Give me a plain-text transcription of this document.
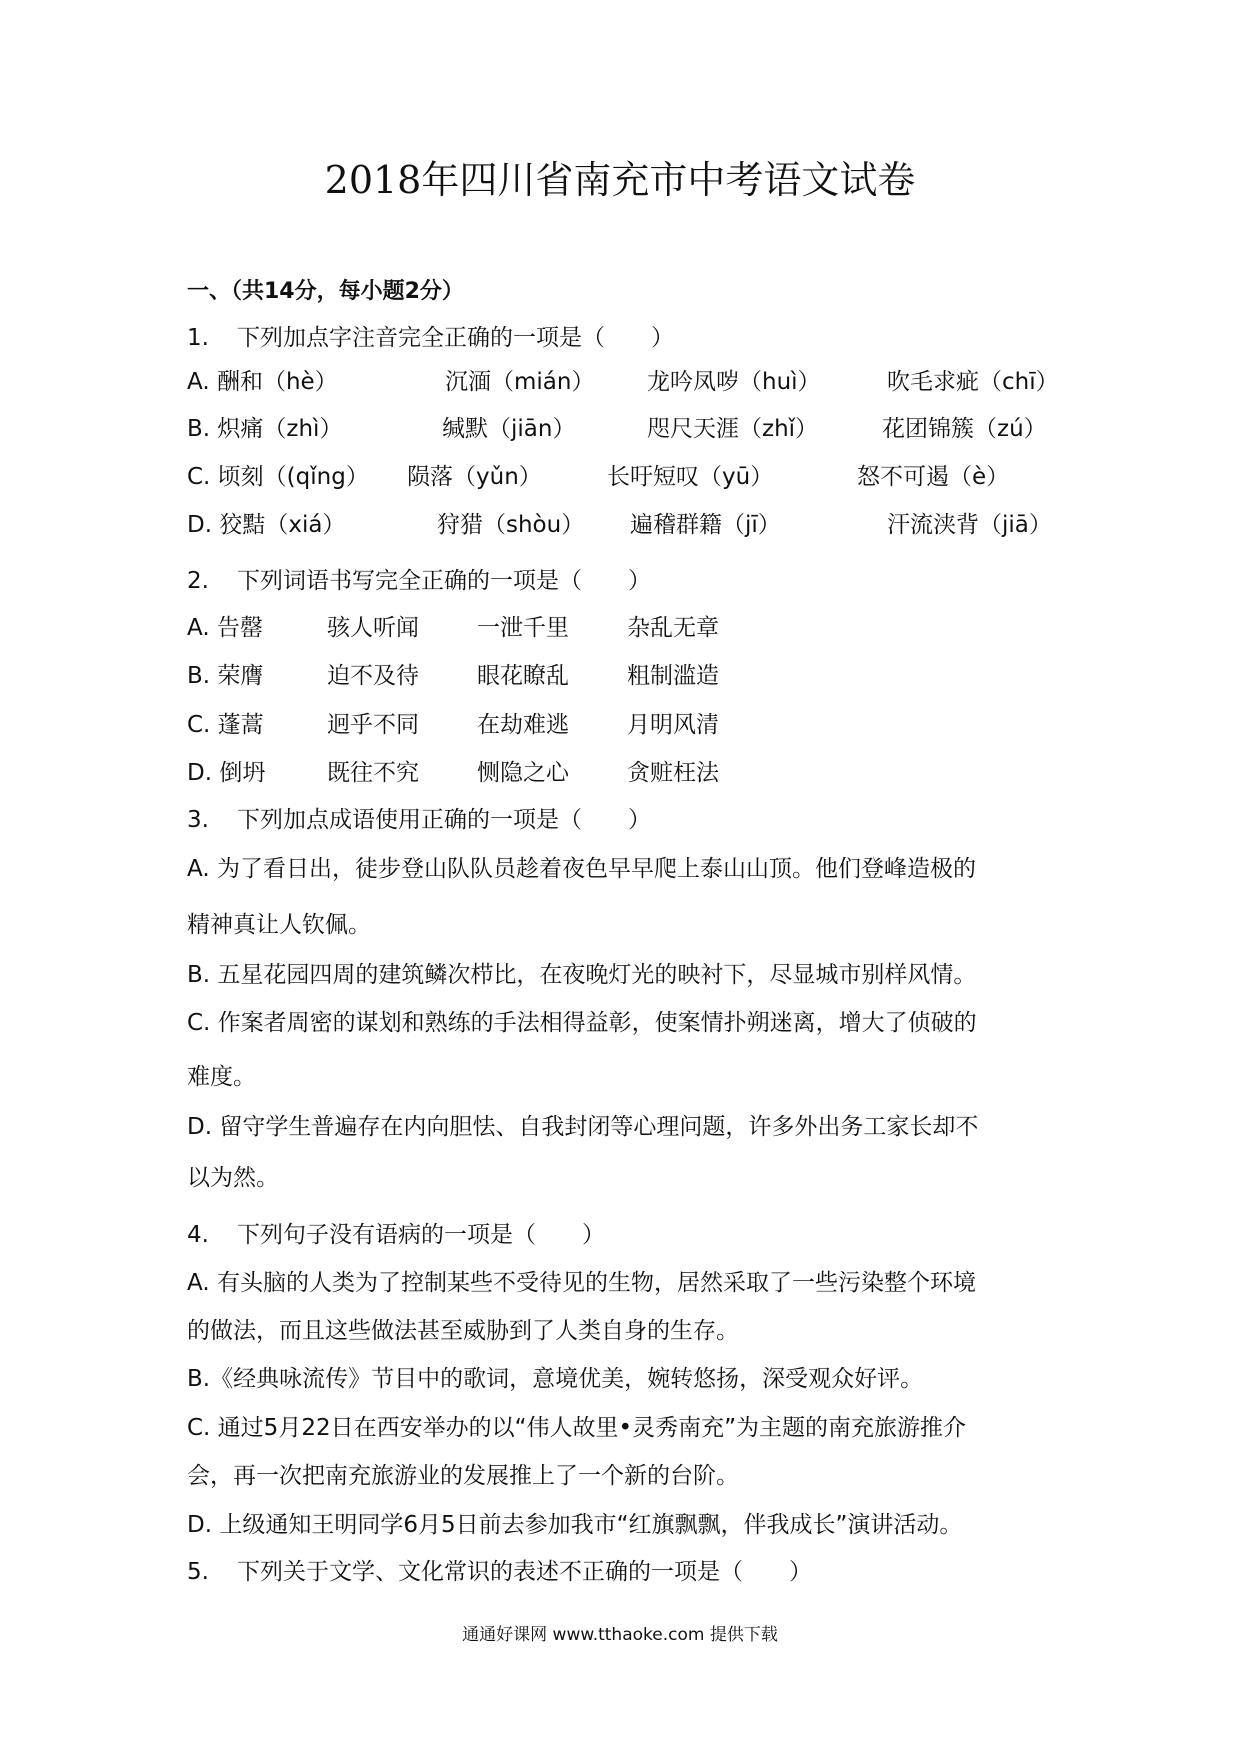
2018年四川省南充市中考语文试卷
一、（共14分，每小题2分）
1. 下列加点字注音完全正确的一项是（　　）
A. 酬和（hè）	沉湎（mián） 龙吟凤哕（huì）	吹毛求疵（chī）
B. 炽痛（zhì）	缄默（jiān）	咫尺天涯（zhǐ）	花团锦簇（zú）
C. 顷刻（(qǐng） 陨落（yǔn）	长吁短叹（yū）	怒不可遏（è）
D. 狡黠（xiá）	狩猎（shòu） 遍稽群籍（jī）	汗流浃背（jiā）
2. 下列词语书写完全正确的一项是（　　）
A. 告罄	骇人听闻	一泄千里	杂乱无章
B. 荣膺	迫不及待	眼花瞭乱	粗制滥造
C. 蓬蒿	迥乎不同	在劫难逃	月明风清
D. 倒坍	既往不究	恻隐之心	贪赃枉法
3. 下列加点成语使用正确的一项是（　　）
A. 为了看日出，徒步登山队队员趁着夜色早早爬上泰山山顶。他们登峰造极的
精神真让人钦佩。
B. 五星花园四周的建筑鳞次栉比，在夜晚灯光的映衬下，尽显城市别样风情。
C. 作案者周密的谋划和熟练的手法相得益彰，使案情扑朔迷离，增大了侦破的
难度。
D. 留守学生普遍存在内向胆怯、自我封闭等心理问题，许多外出务工家长却不
以为然。
4. 下列句子没有语病的一项是（　　）
A. 有头脑的人类为了控制某些不受待见的生物，居然采取了一些污染整个环境
的做法，而且这些做法甚至威胁到了人类自身的生存。
B.《经典咏流传》节目中的歌词，意境优美，婉转悠扬，深受观众好评。
C. 通过5月22日在西安举办的以“伟人故里•灵秀南充”为主题的南充旅游推介
会，再一次把南充旅游业的发展推上了一个新的台阶。
D. 上级通知王明同学6月5日前去参加我市“红旗飘飘，伴我成长”演讲活动。
5. 下列关于文学、文化常识的表述不正确的一项是（　　）
通通好课网 www.tthaoke.com 提供下载
